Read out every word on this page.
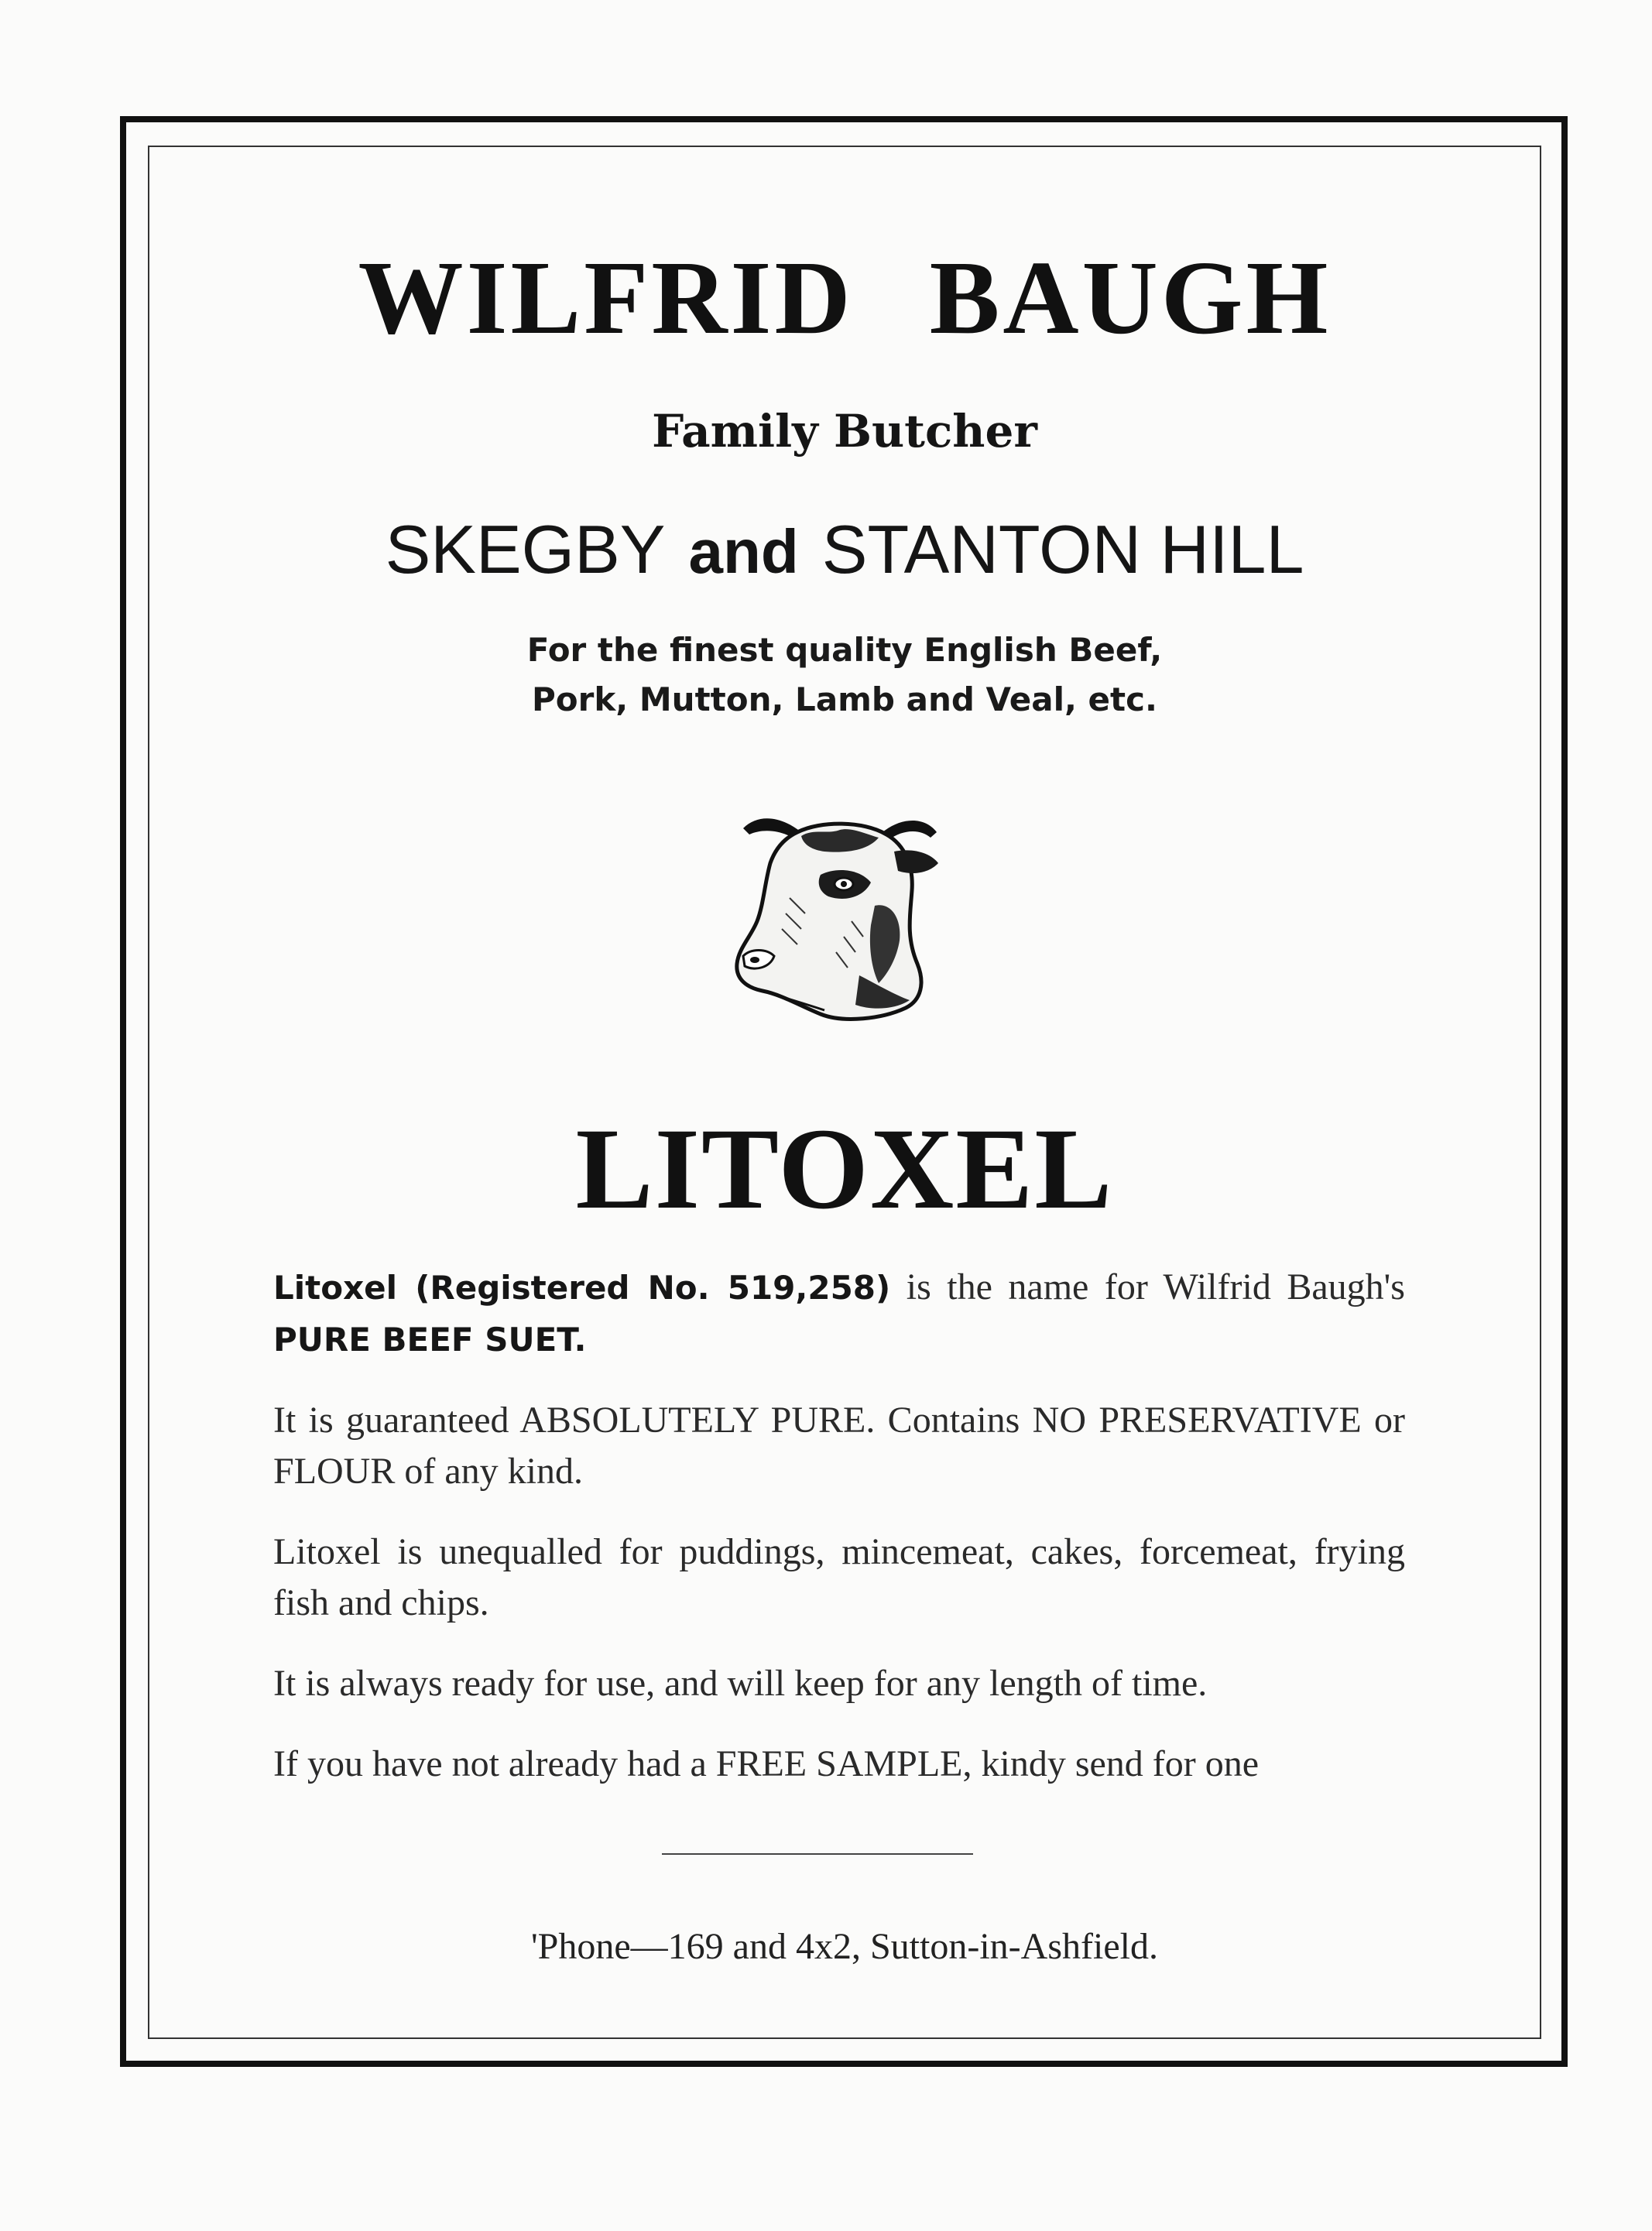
WILFRID BAUGH
Family Butcher
SKEGBY and STANTON HILL
For the finest quality English Beef,
Pork, Mutton, Lamb and Veal, etc.
LITOXEL

Litoxel (Registered No. 519,258) is the name for Wilfrid Baugh's PURE BEEF SUET.

It is guaranteed ABSOLUTELY PURE. Contains NO PRESERVATIVE or FLOUR of any kind.

Litoxel is unequalled for puddings, mincemeat, cakes, forcemeat, frying fish and chips.

It is always ready for use, and will keep for any length of time.

If you have not already had a FREE SAMPLE, kindy send for one

'Phone—169 and 4x2, Sutton-in-Ashfield.
